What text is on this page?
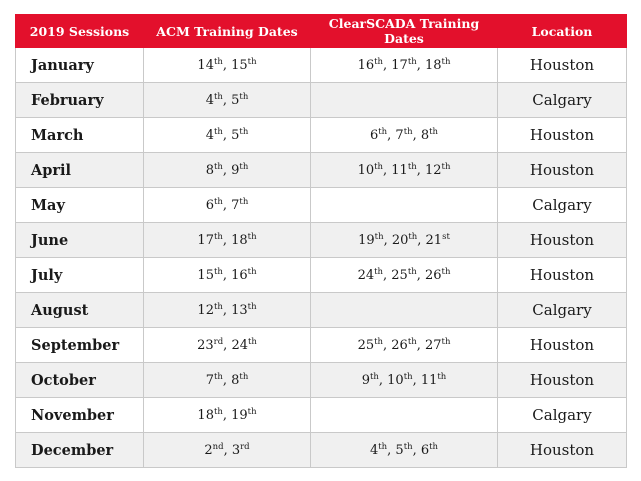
2019 Sessions	ACM Training Dates	ClearSCADA Training Dates	Location
January	14th, 15th	16th, 17th, 18th	Houston
February	4th, 5th		Calgary
March	4th, 5th	6th, 7th, 8th	Houston
April	8th, 9th	10th, 11th, 12th	Houston
May	6th, 7th		Calgary
June	17th, 18th	19th, 20th, 21st	Houston
July	15th, 16th	24th, 25th, 26th	Houston
August	12th, 13th		Calgary
September	23rd, 24th	25th, 26th, 27th	Houston
October	7th, 8th	9th, 10th, 11th	Houston
November	18th, 19th		Calgary
December	2nd, 3rd	4th, 5th, 6th	Houston
